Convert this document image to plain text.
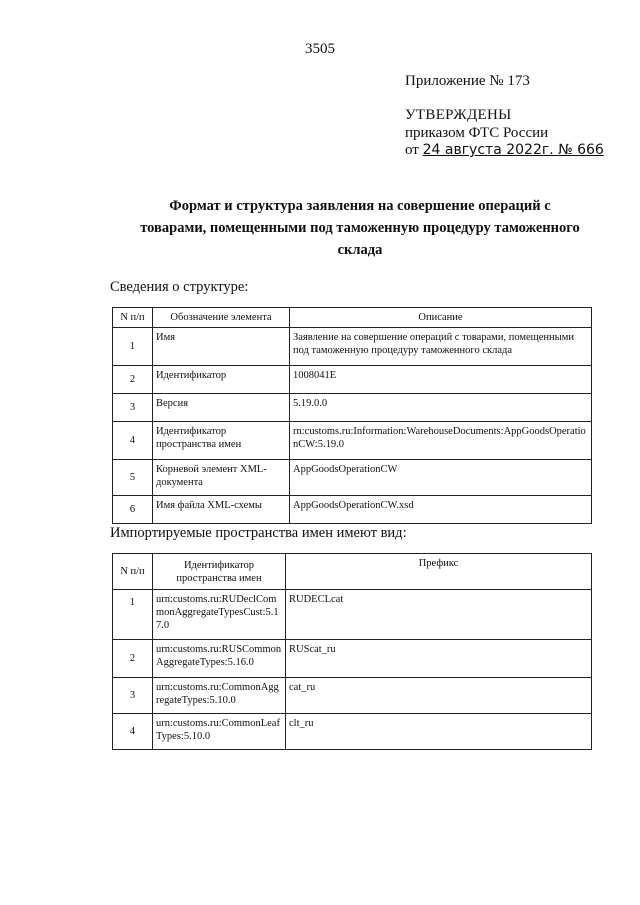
3505
Приложение № 173
УТВЕРЖДЕНЫ
приказом ФТС России
от 24 августа 2022г. № 666
Формат и структура заявления на совершение операций с товарами, помещенными под таможенную процедуру таможенного склада
Сведения о структуре:
N п/п	Обозначение элемента	Описание
1	Имя	Заявление на совершение операций с товарами, помещенными под таможенную процедуру таможенного склада
2	Идентификатор	1008041E
3	Версия	5.19.0.0
4	Идентификатор пространства имен	rn:customs.ru:Information:WarehouseDocuments:AppGoodsOperationCW:5.19.0
5	Корневой элемент XML-документа	AppGoodsOperationCW
6	Имя файла XML-схемы	AppGoodsOperationCW.xsd
Импортируемые пространства имен имеют вид:
N п/п	Идентификатор пространства имен	Префикс
1	urn:customs.ru:RUDeclCommonAggregateTypesCust:5.17.0	RUDECLcat
2	urn:customs.ru:RUSCommonAggregateTypes:5.16.0	RUScat_ru
3	urn:customs.ru:CommonAggregateTypes:5.10.0	cat_ru
4	urn:customs.ru:CommonLeafTypes:5.10.0	clt_ru
